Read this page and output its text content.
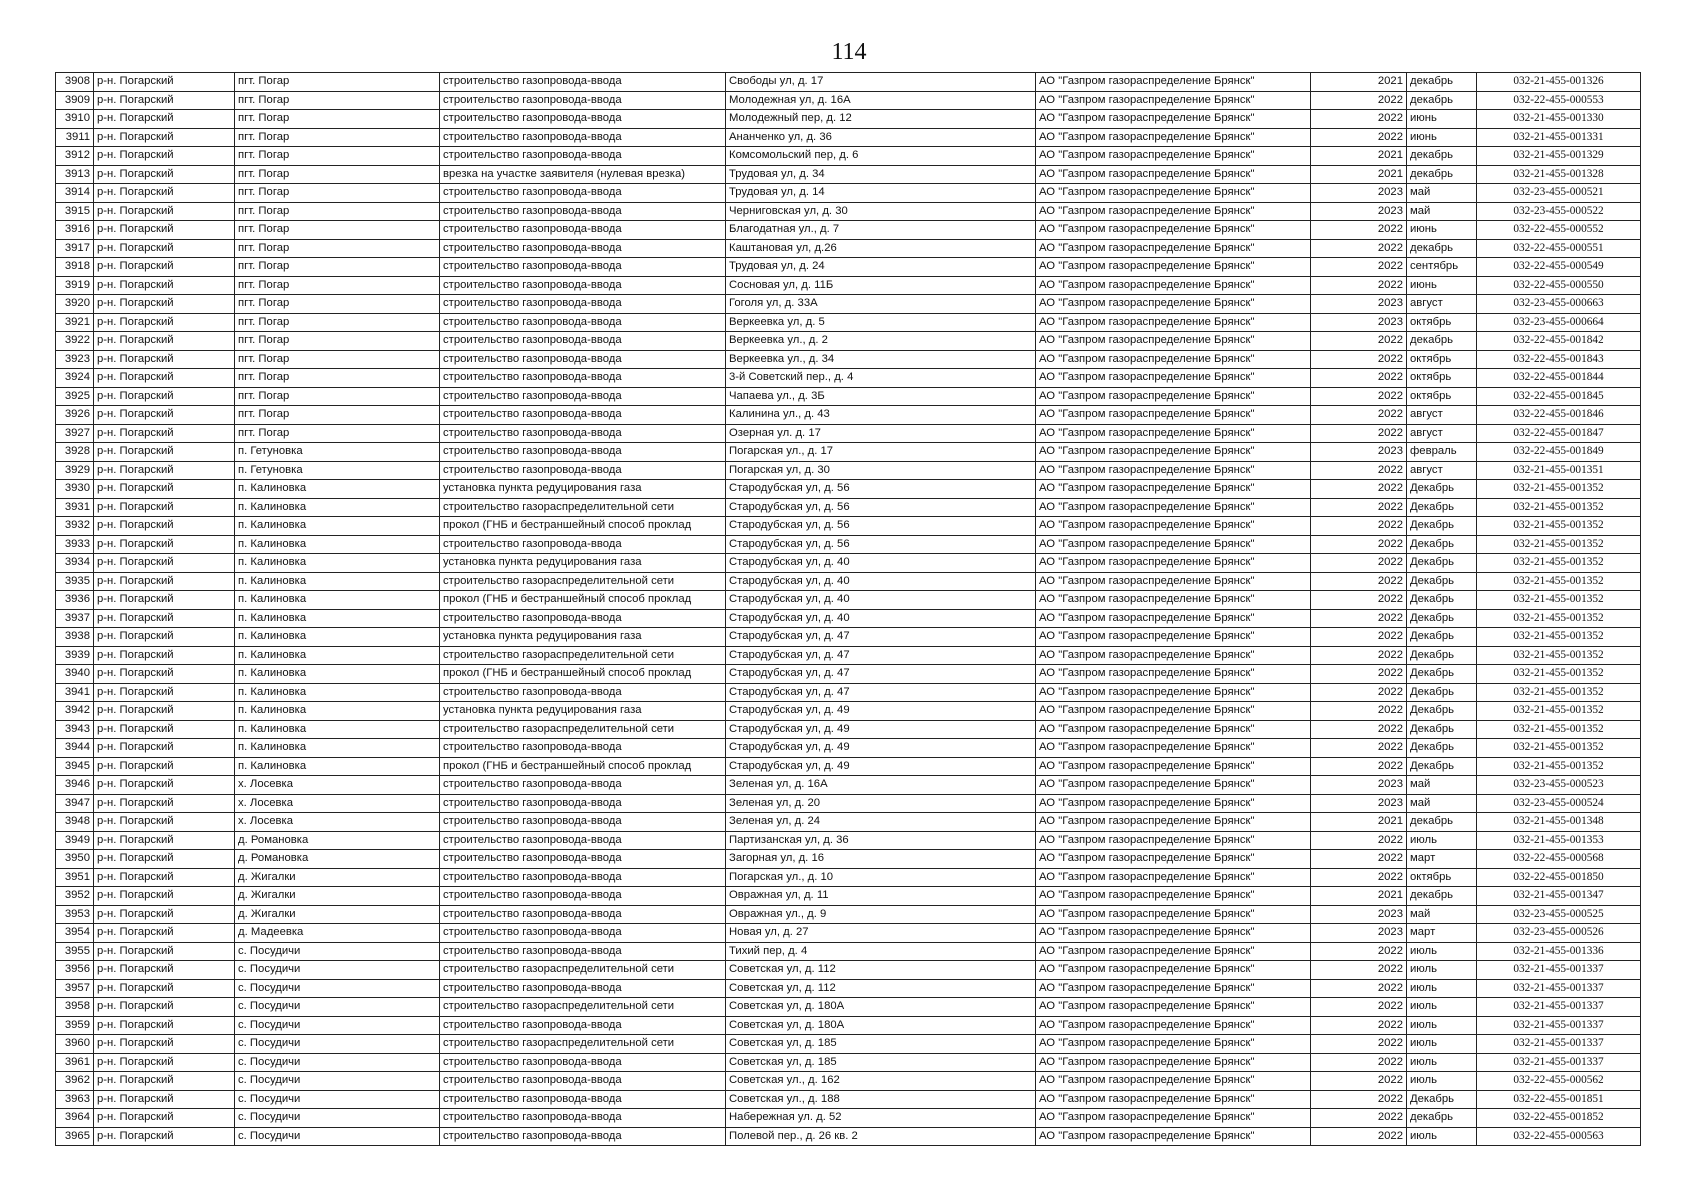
114
3908	р-н. Погарский	пгт. Погар	строительство газопровода-ввода	Свободы ул, д. 17	АО "Газпром газораспределение Брянск"	2021	декабрь	032-21-455-001326
3909	р-н. Погарский	пгт. Погар	строительство газопровода-ввода	Молодежная ул, д. 16А	АО "Газпром газораспределение Брянск"	2022	декабрь	032-22-455-000553
3910	р-н. Погарский	пгт. Погар	строительство газопровода-ввода	Молодежный пер, д. 12	АО "Газпром газораспределение Брянск"	2022	июнь	032-21-455-001330
3911	р-н. Погарский	пгт. Погар	строительство газопровода-ввода	Ананченко ул, д. 36	АО "Газпром газораспределение Брянск"	2022	июнь	032-21-455-001331
3912	р-н. Погарский	пгт. Погар	строительство газопровода-ввода	Комсомольский пер, д. 6	АО "Газпром газораспределение Брянск"	2021	декабрь	032-21-455-001329
3913	р-н. Погарский	пгт. Погар	врезка на участке заявителя (нулевая врезка)	Трудовая ул, д. 34	АО "Газпром газораспределение Брянск"	2021	декабрь	032-21-455-001328
3914	р-н. Погарский	пгт. Погар	строительство газопровода-ввода	Трудовая ул, д. 14	АО "Газпром газораспределение Брянск"	2023	май	032-23-455-000521
3915	р-н. Погарский	пгт. Погар	строительство газопровода-ввода	Черниговская ул, д. 30	АО "Газпром газораспределение Брянск"	2023	май	032-23-455-000522
3916	р-н. Погарский	пгт. Погар	строительство газопровода-ввода	Благодатная ул., д. 7	АО "Газпром газораспределение Брянск"	2022	июнь	032-22-455-000552
3917	р-н. Погарский	пгт. Погар	строительство газопровода-ввода	Каштановая ул, д.26	АО "Газпром газораспределение Брянск"	2022	декабрь	032-22-455-000551
3918	р-н. Погарский	пгт. Погар	строительство газопровода-ввода	Трудовая ул, д. 24	АО "Газпром газораспределение Брянск"	2022	сентябрь	032-22-455-000549
3919	р-н. Погарский	пгт. Погар	строительство газопровода-ввода	Сосновая ул, д. 11Б	АО "Газпром газораспределение Брянск"	2022	июнь	032-22-455-000550
3920	р-н. Погарский	пгт. Погар	строительство газопровода-ввода	Гоголя ул, д. 33А	АО "Газпром газораспределение Брянск"	2023	август	032-23-455-000663
3921	р-н. Погарский	пгт. Погар	строительство газопровода-ввода	Веркеевка ул, д. 5	АО "Газпром газораспределение Брянск"	2023	октябрь	032-23-455-000664
3922	р-н. Погарский	пгт. Погар	строительство газопровода-ввода	Веркеевка ул., д. 2	АО "Газпром газораспределение Брянск"	2022	декабрь	032-22-455-001842
3923	р-н. Погарский	пгт. Погар	строительство газопровода-ввода	Веркеевка ул., д. 34	АО "Газпром газораспределение Брянск"	2022	октябрь	032-22-455-001843
3924	р-н. Погарский	пгт. Погар	строительство газопровода-ввода	3-й Советский пер., д. 4	АО "Газпром газораспределение Брянск"	2022	октябрь	032-22-455-001844
3925	р-н. Погарский	пгт. Погар	строительство газопровода-ввода	Чапаева ул., д. 3Б	АО "Газпром газораспределение Брянск"	2022	октябрь	032-22-455-001845
3926	р-н. Погарский	пгт. Погар	строительство газопровода-ввода	Калинина ул., д. 43	АО "Газпром газораспределение Брянск"	2022	август	032-22-455-001846
3927	р-н. Погарский	пгт. Погар	строительство газопровода-ввода	Озерная ул. д. 17	АО "Газпром газораспределение Брянск"	2022	август	032-22-455-001847
3928	р-н. Погарский	п. Гетуновка	строительство газопровода-ввода	Погарская ул., д. 17	АО "Газпром газораспределение Брянск"	2023	февраль	032-22-455-001849
3929	р-н. Погарский	п. Гетуновка	строительство газопровода-ввода	Погарская ул, д. 30	АО "Газпром газораспределение Брянск"	2022	август	032-21-455-001351
3930	р-н. Погарский	п. Калиновка	установка пункта редуцирования газа	Стародубская ул, д. 56	АО "Газпром газораспределение Брянск"	2022	Декабрь	032-21-455-001352
3931	р-н. Погарский	п. Калиновка	строительство газораспределительной сети	Стародубская ул, д. 56	АО "Газпром газораспределение Брянск"	2022	Декабрь	032-21-455-001352
3932	р-н. Погарский	п. Калиновка	прокол (ГНБ и бестраншейный способ проклад	Стародубская ул, д. 56	АО "Газпром газораспределение Брянск"	2022	Декабрь	032-21-455-001352
3933	р-н. Погарский	п. Калиновка	строительство газопровода-ввода	Стародубская ул, д. 56	АО "Газпром газораспределение Брянск"	2022	Декабрь	032-21-455-001352
3934	р-н. Погарский	п. Калиновка	установка пункта редуцирования газа	Стародубская ул, д. 40	АО "Газпром газораспределение Брянск"	2022	Декабрь	032-21-455-001352
3935	р-н. Погарский	п. Калиновка	строительство газораспределительной сети	Стародубская ул, д. 40	АО "Газпром газораспределение Брянск"	2022	Декабрь	032-21-455-001352
3936	р-н. Погарский	п. Калиновка	прокол (ГНБ и бестраншейный способ проклад	Стародубская ул, д. 40	АО "Газпром газораспределение Брянск"	2022	Декабрь	032-21-455-001352
3937	р-н. Погарский	п. Калиновка	строительство газопровода-ввода	Стародубская ул, д. 40	АО "Газпром газораспределение Брянск"	2022	Декабрь	032-21-455-001352
3938	р-н. Погарский	п. Калиновка	установка пункта редуцирования газа	Стародубская ул, д. 47	АО "Газпром газораспределение Брянск"	2022	Декабрь	032-21-455-001352
3939	р-н. Погарский	п. Калиновка	строительство газораспределительной сети	Стародубская ул, д. 47	АО "Газпром газораспределение Брянск"	2022	Декабрь	032-21-455-001352
3940	р-н. Погарский	п. Калиновка	прокол (ГНБ и бестраншейный способ проклад	Стародубская ул, д. 47	АО "Газпром газораспределение Брянск"	2022	Декабрь	032-21-455-001352
3941	р-н. Погарский	п. Калиновка	строительство газопровода-ввода	Стародубская ул, д. 47	АО "Газпром газораспределение Брянск"	2022	Декабрь	032-21-455-001352
3942	р-н. Погарский	п. Калиновка	установка пункта редуцирования газа	Стародубская ул, д. 49	АО "Газпром газораспределение Брянск"	2022	Декабрь	032-21-455-001352
3943	р-н. Погарский	п. Калиновка	строительство газораспределительной сети	Стародубская ул, д. 49	АО "Газпром газораспределение Брянск"	2022	Декабрь	032-21-455-001352
3944	р-н. Погарский	п. Калиновка	строительство газопровода-ввода	Стародубская ул, д. 49	АО "Газпром газораспределение Брянск"	2022	Декабрь	032-21-455-001352
3945	р-н. Погарский	п. Калиновка	прокол (ГНБ и бестраншейный способ проклад	Стародубская ул, д. 49	АО "Газпром газораспределение Брянск"	2022	Декабрь	032-21-455-001352
3946	р-н. Погарский	х. Лосевка	строительство газопровода-ввода	Зеленая ул, д. 16А	АО "Газпром газораспределение Брянск"	2023	май	032-23-455-000523
3947	р-н. Погарский	х. Лосевка	строительство газопровода-ввода	Зеленая ул, д. 20	АО "Газпром газораспределение Брянск"	2023	май	032-23-455-000524
3948	р-н. Погарский	х. Лосевка	строительство газопровода-ввода	Зеленая ул, д. 24	АО "Газпром газораспределение Брянск"	2021	декабрь	032-21-455-001348
3949	р-н. Погарский	д. Романовка	строительство газопровода-ввода	Партизанская ул, д. 36	АО "Газпром газораспределение Брянск"	2022	июль	032-21-455-001353
3950	р-н. Погарский	д. Романовка	строительство газопровода-ввода	Загорная ул, д. 16	АО "Газпром газораспределение Брянск"	2022	март	032-22-455-000568
3951	р-н. Погарский	д. Жигалки	строительство газопровода-ввода	Погарская ул., д. 10	АО "Газпром газораспределение Брянск"	2022	октябрь	032-22-455-001850
3952	р-н. Погарский	д. Жигалки	строительство газопровода-ввода	Овражная ул, д. 11	АО "Газпром газораспределение Брянск"	2021	декабрь	032-21-455-001347
3953	р-н. Погарский	д. Жигалки	строительство газопровода-ввода	Овражная ул., д. 9	АО "Газпром газораспределение Брянск"	2023	май	032-23-455-000525
3954	р-н. Погарский	д. Мадеевка	строительство газопровода-ввода	Новая ул, д. 27	АО "Газпром газораспределение Брянск"	2023	март	032-23-455-000526
3955	р-н. Погарский	с. Посудичи	строительство газопровода-ввода	Тихий пер, д. 4	АО "Газпром газораспределение Брянск"	2022	июль	032-21-455-001336
3956	р-н. Погарский	с. Посудичи	строительство газораспределительной сети	Советская ул, д. 112	АО "Газпром газораспределение Брянск"	2022	июль	032-21-455-001337
3957	р-н. Погарский	с. Посудичи	строительство газопровода-ввода	Советская ул, д. 112	АО "Газпром газораспределение Брянск"	2022	июль	032-21-455-001337
3958	р-н. Погарский	с. Посудичи	строительство газораспределительной сети	Советская ул, д. 180А	АО "Газпром газораспределение Брянск"	2022	июль	032-21-455-001337
3959	р-н. Погарский	с. Посудичи	строительство газопровода-ввода	Советская ул, д. 180А	АО "Газпром газораспределение Брянск"	2022	июль	032-21-455-001337
3960	р-н. Погарский	с. Посудичи	строительство газораспределительной сети	Советская ул, д. 185	АО "Газпром газораспределение Брянск"	2022	июль	032-21-455-001337
3961	р-н. Погарский	с. Посудичи	строительство газопровода-ввода	Советская ул, д. 185	АО "Газпром газораспределение Брянск"	2022	июль	032-21-455-001337
3962	р-н. Погарский	с. Посудичи	строительство газопровода-ввода	Советская ул., д. 162	АО "Газпром газораспределение Брянск"	2022	июль	032-22-455-000562
3963	р-н. Погарский	с. Посудичи	строительство газопровода-ввода	Советская ул., д. 188	АО "Газпром газораспределение Брянск"	2022	Декабрь	032-22-455-001851
3964	р-н. Погарский	с. Посудичи	строительство газопровода-ввода	Набережная ул. д. 52	АО "Газпром газораспределение Брянск"	2022	декабрь	032-22-455-001852
3965	р-н. Погарский	с. Посудичи	строительство газопровода-ввода	Полевой пер., д. 26 кв. 2	АО "Газпром газораспределение Брянск"	2022	июль	032-22-455-000563
